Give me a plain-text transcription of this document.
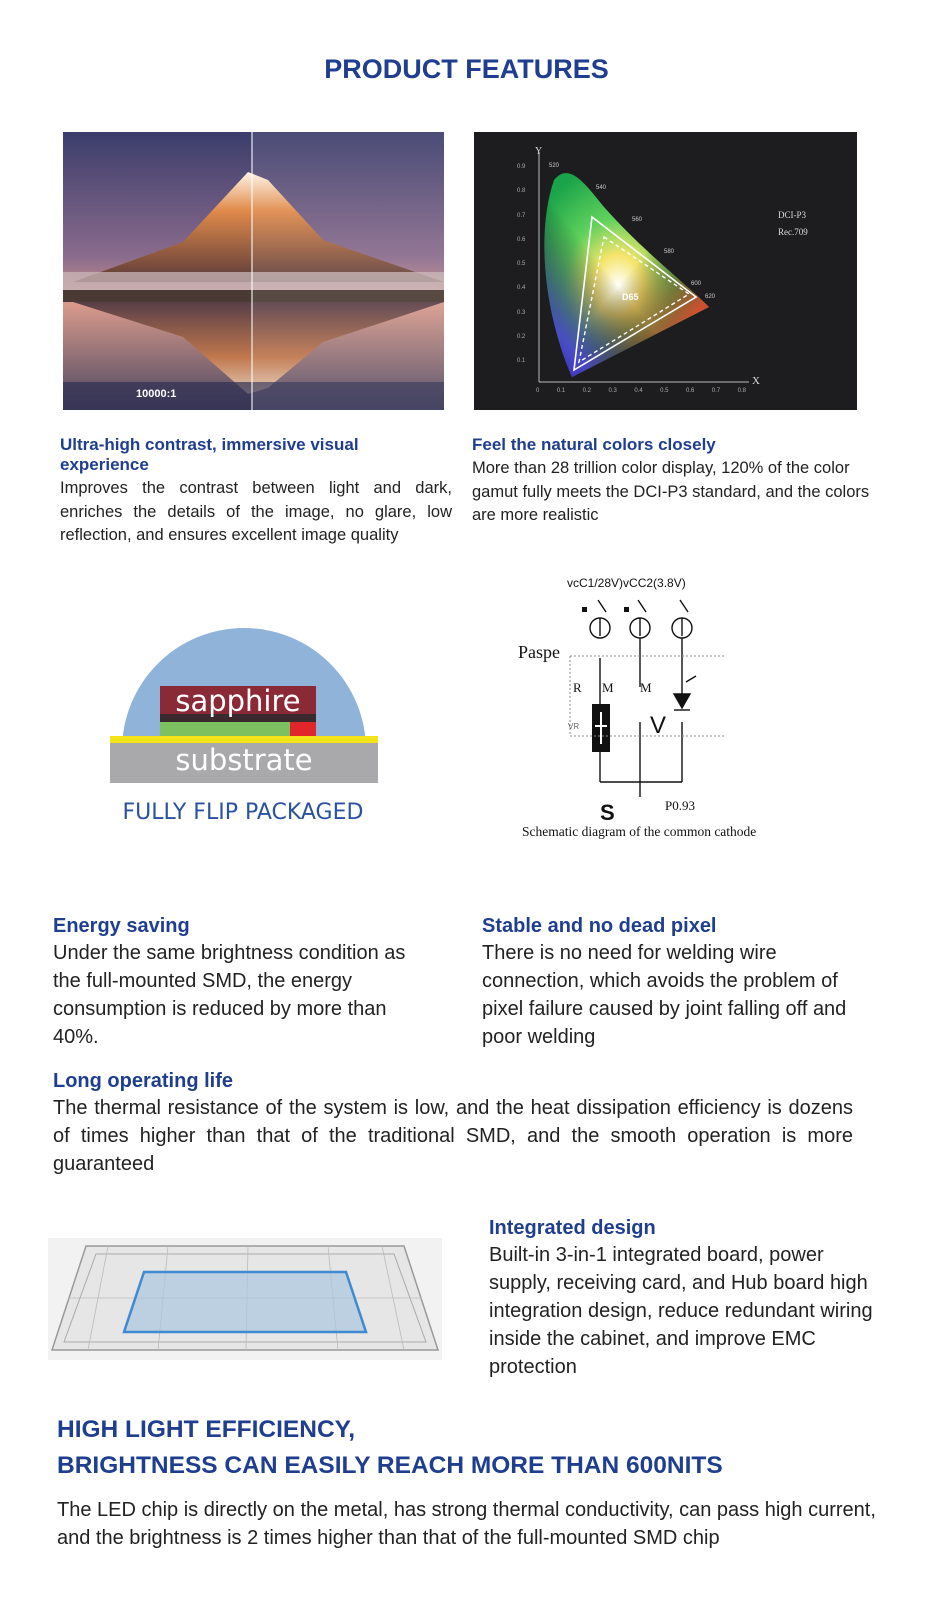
PRODUCT FEATURES
10000:1
Y
X
0.9
0.8
0.7
0.6
0.5
0.4
0.3
0.2
0.1
0	0.1	0.2	0.3	0.4	0.5	0.6	0.7	0.8
520
540
560
580
600
620
D65
DCI-P3
Rec.709
Ultra-high contrast, immersive visual experience
Improves the contrast between light and dark, enriches the details of the image, no glare, low reflection, and ensures excellent image quality
Feel the natural colors closely
More than 28 trillion color display, 120% of the color gamut fully meets the DCI-P3 standard, and the colors are more realistic
sapphire
substrate
FULLY FLIP PACKAGED
vcC1/28V)vCC2(3.8V)
Paspe
R M M
VR	V
S	P0.93
Schematic diagram of the common cathode
Energy saving
Under the same brightness condition as the full-mounted SMD, the energy consumption is reduced by more than 40%.
Stable and no dead pixel
There is no need for welding wire connection, which avoids the problem of pixel failure caused by joint falling off and poor welding
Long operating life
The thermal resistance of the system is low, and the heat dissipation efficiency is dozens of times higher than that of the traditional SMD, and the smooth operation is more guaranteed
Integrated design
Built-in 3-in-1 integrated board, power supply, receiving card, and Hub board high integration design, reduce redundant wiring inside the cabinet, and improve EMC protection
HIGH LIGHT EFFICIENCY,
BRIGHTNESS CAN EASILY REACH MORE THAN 600NITS
The LED chip is directly on the metal, has strong thermal conductivity, can pass high current, and the brightness is 2 times higher than that of the full-mounted SMD chip
